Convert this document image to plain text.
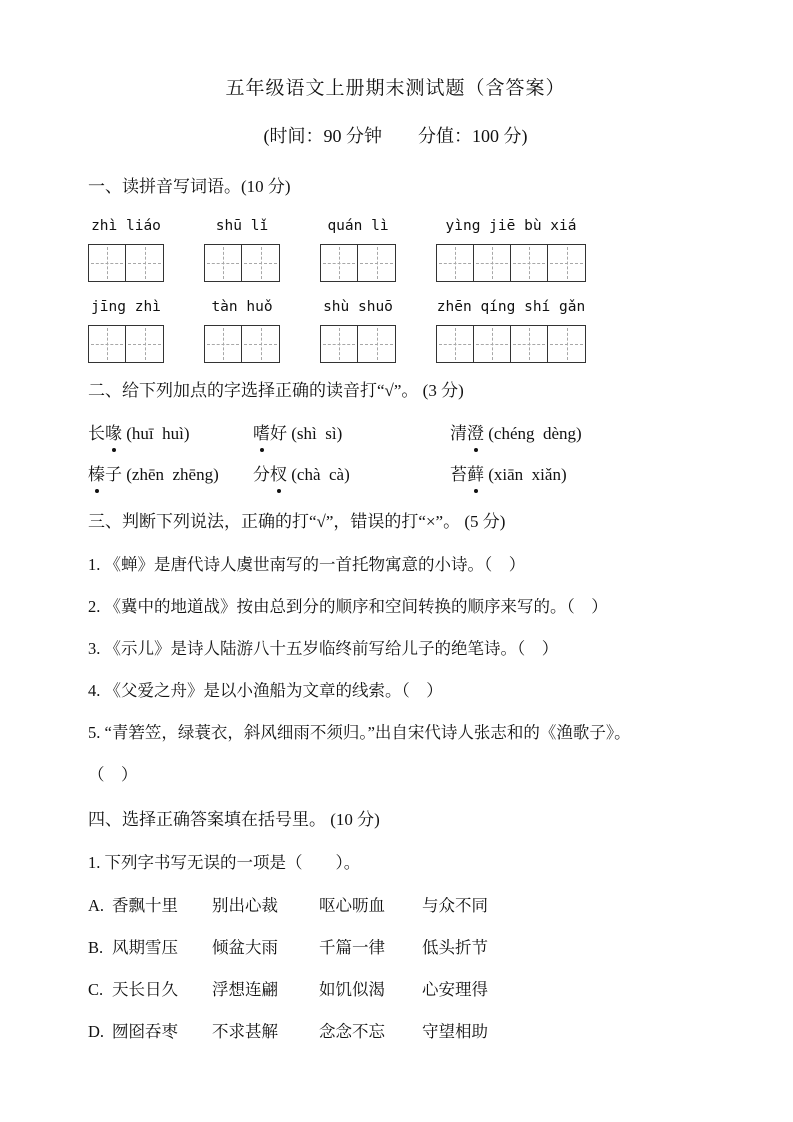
五年级语文上册期末测试题（含答案）
(时间：90 分钟　　分值：100 分)
一、读拼音写词语。(10 分)
zhì liáo	shū lǐ	quán lì	yìng jiē bù xiá
jīng zhì	tàn huǒ	shù shuō	zhēn qíng shí gǎn
二、给下列加点的字选择正确的读音打“√”。 (3 分)
长喙 (huī  huì)	嗜好 (shì  sì)	清澄 (chéng  dèng)
榛子 (zhēn  zhēng)	分杈 (chà  cà)	苔藓 (xiān  xiǎn)
三、判断下列说法，正确的打“√”，错误的打“×”。 (5 分)
1. 《蝉》是唐代诗人虞世南写的一首托物寓意的小诗。（　）
2. 《冀中的地道战》按由总到分的顺序和空间转换的顺序来写的。（　）
3. 《示儿》是诗人陆游八十五岁临终前写给儿子的绝笔诗。（　）
4. 《父爱之舟》是以小渔船为文章的线索。（　）
5. “青箬笠，绿蓑衣，斜风细雨不须归。”出自宋代诗人张志和的《渔歌子》。
（　）
四、选择正确答案填在括号里。 (10 分)
1. 下列字书写无误的一项是（　　）。
A. 香飘十里	别出心裁	呕心呖血	与众不同
B. 风期雪压	倾盆大雨	千篇一律	低头折节
C. 天长日久	浮想连翩	如饥似渴	心安理得
D. 囫囵吞枣	不求甚解	念念不忘	守望相助
